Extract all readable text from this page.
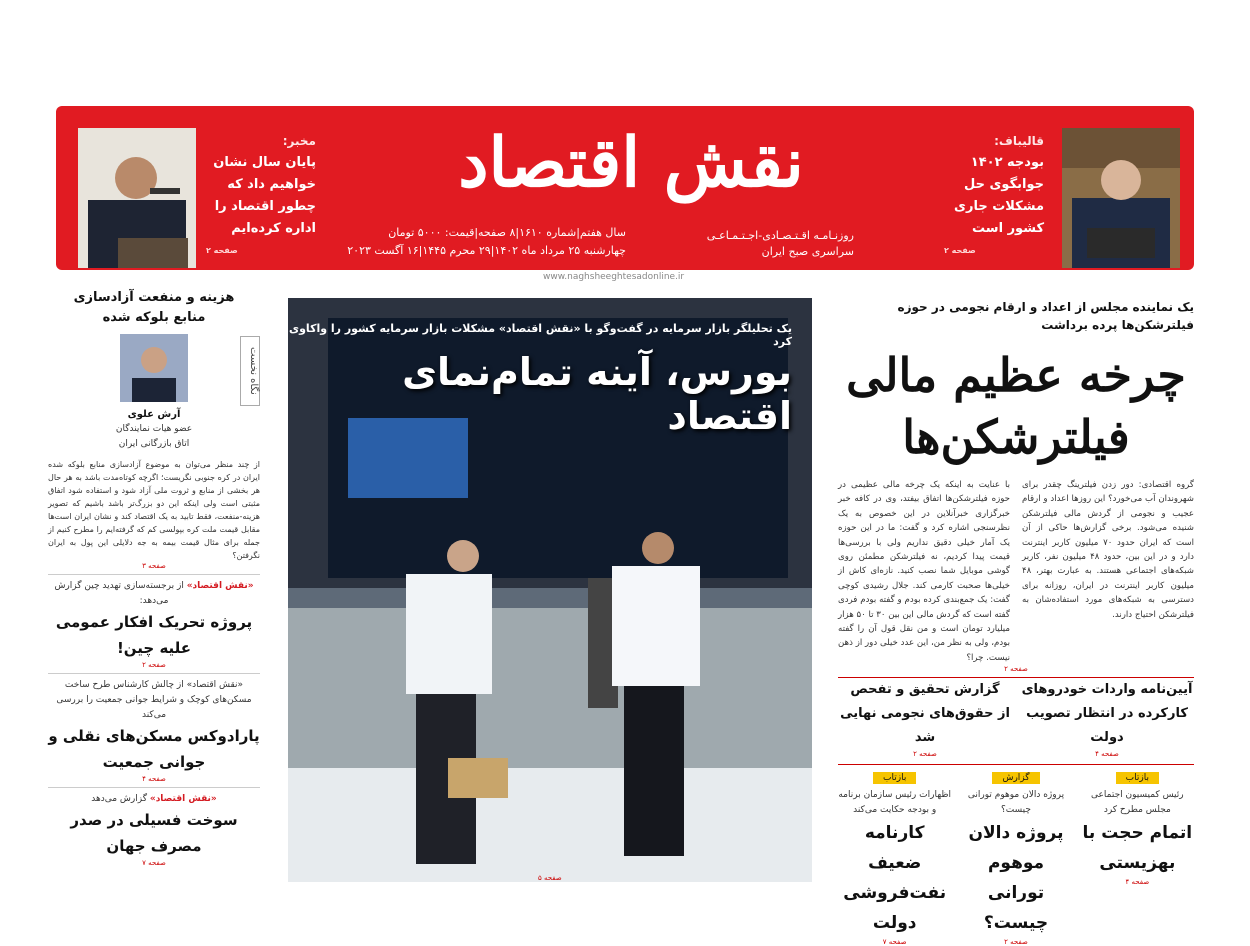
قالیباف:
بودجه ۱۴۰۲
جوابگوی حل
مشکلات جاری
کشور است
صفحه ۲
نقش اقتصاد
روزنـامـه اقـتـصـادی-اجـتـمـاعـی
سراسری صبح ایران
سال هفتم|شماره ۱۶۱۰|۸ صفحه|قیمت: ۵۰۰۰ تومان
چهارشنبه ۲۵ مرداد ماه ۱۴۰۲|۲۹ محرم ۱۴۴۵|۱۶ آگست ۲۰۲۳
مخبر:
پایان سال نشان
خواهیم داد که
چطور اقتصاد را
اداره کرده‌ایم
صفحه ۲
www.naghsheeghtesadonline.ir
هزینه و منفعت آزادسازی
منابع بلوکه شده
آرش علوی
عضو هیات نمایندگان
اتاق بازرگانی ایران
از چند منظر می‌توان به موضوع آزادسازی منابع بلوکه شده ایران در کره جنوبی نگریست؛ اگرچه کوتاه‌مدت باشد به هر حال هر بخشی از منابع و ثروت ملی آزاد شود و استفاده شود اتفاق مثبتی است ولی اینکه این دو بزرگ‌تر باشد باشیم که تصویر هزینه-منفعت، فقط تابید به یک اقتصاد کند و نشان ایران است‌ها مقابل قیمت ملت کره بپولسی کم که گرفته‌ایم را مطرح کنیم از جمله برای مثال قیمت بیمه به جه دلایلی این پول به ایران نگرفتن؟
صفحه ۳
«نقش اقتصاد» از برجسته‌سازی تهدید چین گزارش می‌دهد:
پروژه تحریک افکار عمومی علیه چین!
صفحه ۲
«نقش اقتصاد» از چالش کارشناس طرح ساخت مسکن‌های کوچک و شرایط جوانی جمعیت را بررسی می‌کند
پارادوکس مسکن‌های نقلی و جوانی جمعیت
صفحه ۴
«نقش اقتصاد» گزارش می‌دهد
سوخت فسیلی در صدر مصرف جهان
صفحه ۷
نگاه نخست
یک تحلیلگر بازار سرمایه در گفت‌وگو با «نقش اقتصاد» مشکلات بازار سرمایه کشور را واکاوی کرد
بورس، آینه تمام‌نمای اقتصاد
صفحه ۵
یک نماینده مجلس از اعداد و ارقام نجومی در حوزه فیلترشکن‌ها پرده برداشت
چرخه عظیم مالی
فیلترشکن‌ها
گروه اقتصادی: دور زدن فیلترینگ چقدر برای شهروندان آب می‌خورد؟ این روزها اعداد و ارقام عجیب و نجومی از گردش مالی فیلترشکن شنیده می‌شود. برخی گزارش‌ها حاکی از آن است که ایران حدود ۷۰ میلیون کاربر اینترنت دارد و در این بین، حدود ۴۸ میلیون نفر، کاربر شبکه‌های اجتماعی هستند. به عبارت بهتر، ۴۸ میلیون کاربر اینترنت در ایران، روزانه برای دسترسی به شبکه‌های مورد استفاده‌شان به فیلترشکن احتیاج دارند.
با عنایت به اینکه یک چرخه مالی عظیمی در حوزه فیلترشکن‌ها اتفاق بیفتد، وی در کافه خبر خبرگزاری خبرآنلاین در این خصوص به یک نظرسنجی اشاره کرد و گفت: ما در این حوزه یک آمار خیلی دقیق نداریم ولی با بررسی‌ها قیمت پیدا کردیم، نه فیلترشکن مطمئن روی گوشی موبایل شما نصب کنید. نازه‌ای کاش از خیلی‌ها صحبت کارمی کند. جلال رشیدی کوچی گفت: یک جمع‌بندی کرده بودم و گفته بودم فردی گفته است که گردش مالی این بین ۳۰ تا ۵۰ هزار میلیارد تومان است و من نقل قول آن را گفته بودم، ولی به نظر من، این عدد خیلی دور از ذهن نیست. چرا؟
صفحه ۲
آیین‌نامه واردات خودروهای
کارکرده در انتظار تصویب دولت
صفحه ۴
گزارش تحقیق و تفحص
از حقوق‌های نجومی نهایی شد
صفحه ۲
بازتاب
رئیس کمیسیون اجتماعی مجلس مطرح کرد
اتمام حجت با بهزیستی
صفحه ۴
گزارش
پروژه دالان موهوم تورانی چیست؟
پروژه دالان موهوم تورانی چیست؟
صفحه ۲
بازتاب
اظهارات رئیس سازمان برنامه و بودجه حکایت می‌کند
کارنامه ضعیف نفت‌فروشی دولت
صفحه ۷
